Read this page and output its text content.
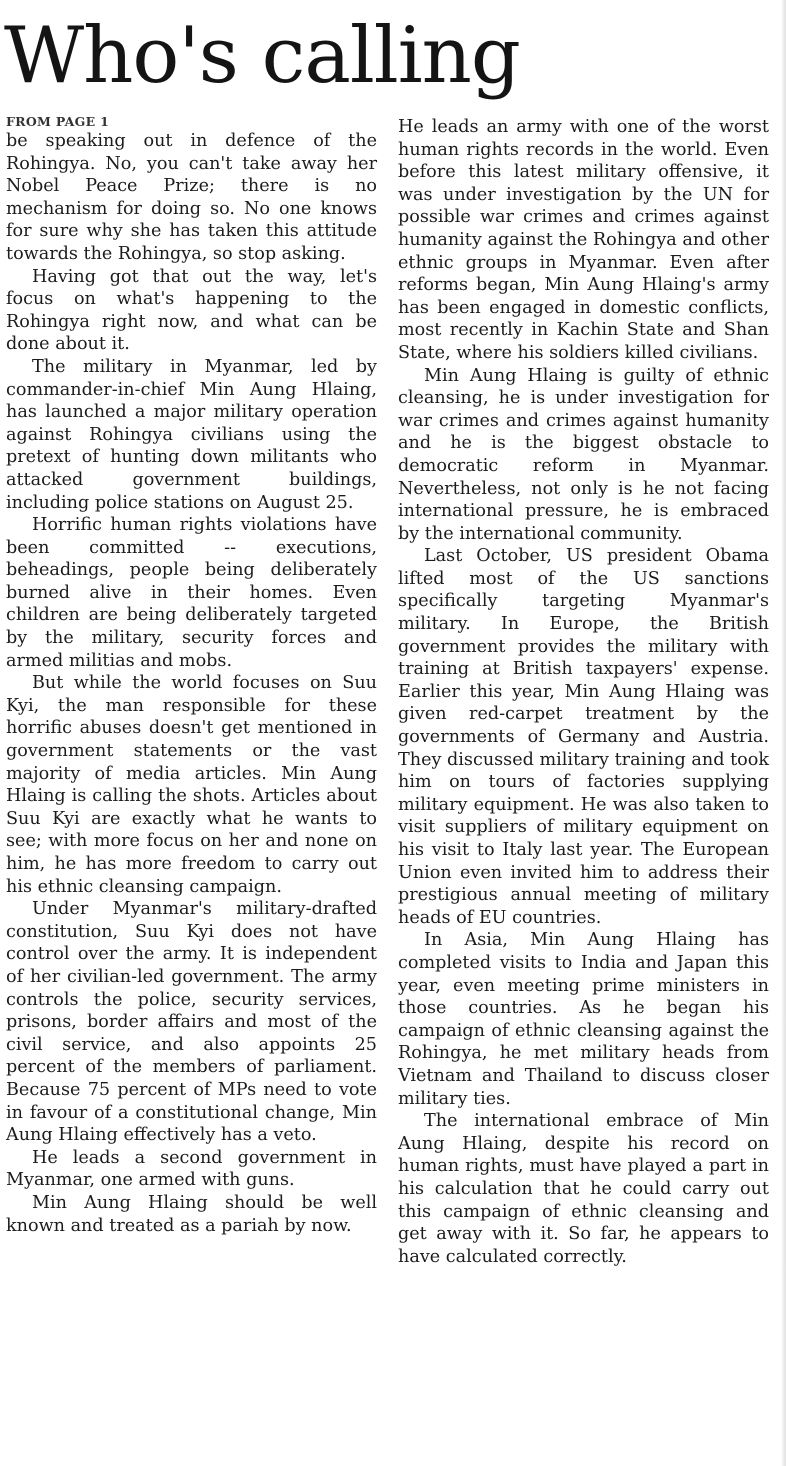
Who's calling
FROM PAGE 1

be speaking out in defence of the Rohingya. No, you can't take away her Nobel Peace Prize; there is no mechanism for doing so. No one knows for sure why she has taken this attitude towards the Rohingya, so stop asking.

Having got that out the way, let's focus on what's happening to the Rohingya right now, and what can be done about it.

The military in Myanmar, led by commander-in-chief Min Aung Hlaing, has launched a major military operation against Rohingya civilians using the pretext of hunting down militants who attacked government buildings, including police stations on August 25.

Horrific human rights violations have been committed -- executions, beheadings, people being deliberately burned alive in their homes. Even children are being deliberately targeted by the military, security forces and armed militias and mobs.

But while the world focuses on Suu Kyi, the man responsible for these horrific abuses doesn't get mentioned in government statements or the vast majority of media articles. Min Aung Hlaing is calling the shots. Articles about Suu Kyi are exactly what he wants to see; with more focus on her and none on him, he has more freedom to carry out his ethnic cleansing campaign.

Under Myanmar's military-drafted constitution, Suu Kyi does not have control over the army. It is independent of her civilian-led government. The army controls the police, security services, prisons, border affairs and most of the civil service, and also appoints 25 percent of the members of parliament. Because 75 percent of MPs need to vote in favour of a constitutional change, Min Aung Hlaing effectively has a veto.

He leads a second government in Myanmar, one armed with guns.

Min Aung Hlaing should be well known and treated as a pariah by now.

He leads an army with one of the worst human rights records in the world. Even before this latest military offensive, it was under investigation by the UN for possible war crimes and crimes against humanity against the Rohingya and other ethnic groups in Myanmar. Even after reforms began, Min Aung Hlaing's army has been engaged in domestic conflicts, most recently in Kachin State and Shan State, where his soldiers killed civilians.

Min Aung Hlaing is guilty of ethnic cleansing, he is under investigation for war crimes and crimes against humanity and he is the biggest obstacle to democratic reform in Myanmar. Nevertheless, not only is he not facing international pressure, he is embraced by the international community.

Last October, US president Obama lifted most of the US sanctions specifically targeting Myanmar's military. In Europe, the British government provides the military with training at British taxpayers' expense. Earlier this year, Min Aung Hlaing was given red-carpet treatment by the governments of Germany and Austria. They discussed military training and took him on tours of factories supplying military equipment. He was also taken to visit suppliers of military equipment on his visit to Italy last year. The European Union even invited him to address their prestigious annual meeting of military heads of EU countries.

In Asia, Min Aung Hlaing has completed visits to India and Japan this year, even meeting prime ministers in those countries. As he began his campaign of ethnic cleansing against the Rohingya, he met military heads from Vietnam and Thailand to discuss closer military ties.

The international embrace of Min Aung Hlaing, despite his record on human rights, must have played a part in his calculation that he could carry out this campaign of ethnic cleansing and get away with it. So far, he appears to have calculated correctly.
